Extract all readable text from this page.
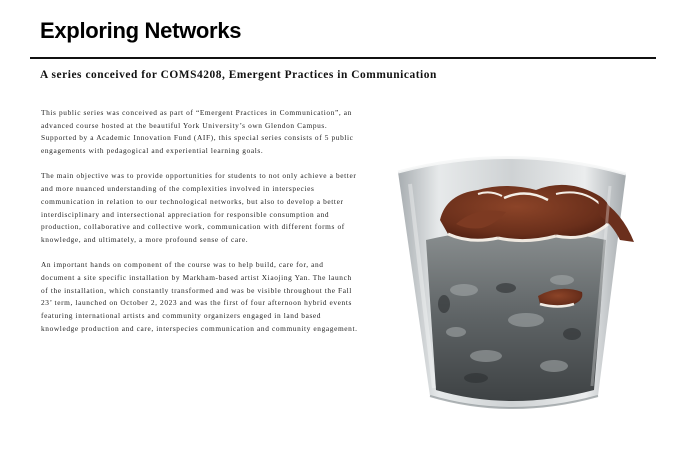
Exploring Networks
A series conceived for COMS4208, Emergent Practices in Communication

This public series was conceived as part of “Emergent Practices in Communication”, an advanced course hosted at the beautiful York University’s own Glendon Campus. Supported by a Academic Innovation Fund (AIF), this special series consists of 5 public engagements with pedagogical and experiential learning goals.

The main objective was to provide opportunities for students to not only achieve a better and more nuanced understanding of the complexities involved in interspecies communication in relation to our technological networks, but also to develop a better interdisciplinary and intersectional appreciation for responsible consumption and production, collaborative and collective work, communication with different forms of knowledge, and ultimately, a more profound sense of care.

An important hands on component of the course was to help build, care for, and document a site specific installation by Markham-based artist Xiaojing Yan. The launch of the installation, which constantly transformed and was be visible throughout the Fall 23’ term, launched on October 2, 2023 and was the first of four afternoon hybrid events featuring international artists and community organizers engaged in land based knowledge production and care, interspecies communication and community engagement.
